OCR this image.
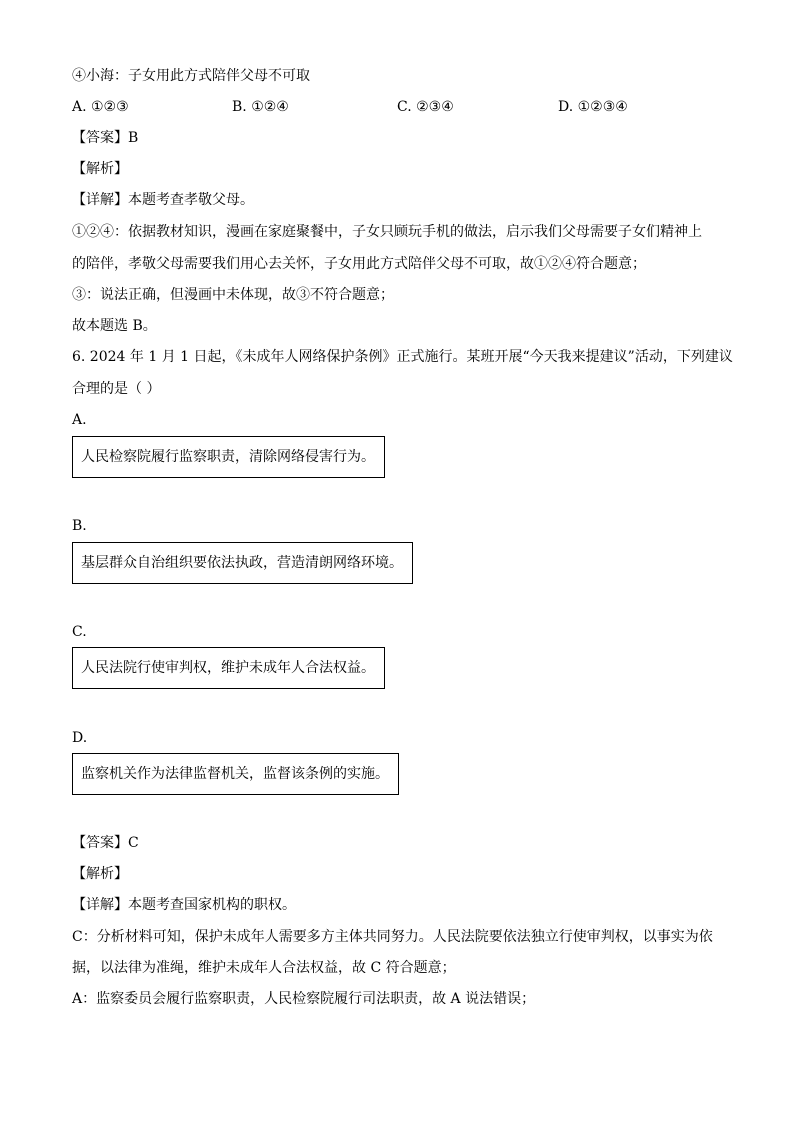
④小海：子女用此方式陪伴父母不可取
A. ①②③	B. ①②④	C. ②③④	D. ①②③④
【答案】B
【解析】
【详解】本题考查孝敬父母。
①②④：依据教材知识，漫画在家庭聚餐中，子女只顾玩手机的做法，启示我们父母需要子女们精神上
的陪伴，孝敬父母需要我们用心去关怀，子女用此方式陪伴父母不可取，故①②④符合题意；
③：说法正确，但漫画中未体现，故③不符合题意；
故本题选 B。
6. 2024 年 1 月 1 日起，《未成年人网络保护条例》正式施行。某班开展“今天我来提建议”活动，下列建议
合理的是（ ）
A.
人民检察院履行监察职责，清除网络侵害行为。
B.
基层群众自治组织要依法执政，营造清朗网络环境。
C.
人民法院行使审判权，维护未成年人合法权益。
D.
监察机关作为法律监督机关，监督该条例的实施。
【答案】C
【解析】
【详解】本题考查国家机构的职权。
C：分析材料可知，保护未成年人需要多方主体共同努力。人民法院要依法独立行使审判权，以事实为依
据，以法律为准绳，维护未成年人合法权益，故 C 符合题意；
A：监察委员会履行监察职责，人民检察院履行司法职责，故 A 说法错误；
